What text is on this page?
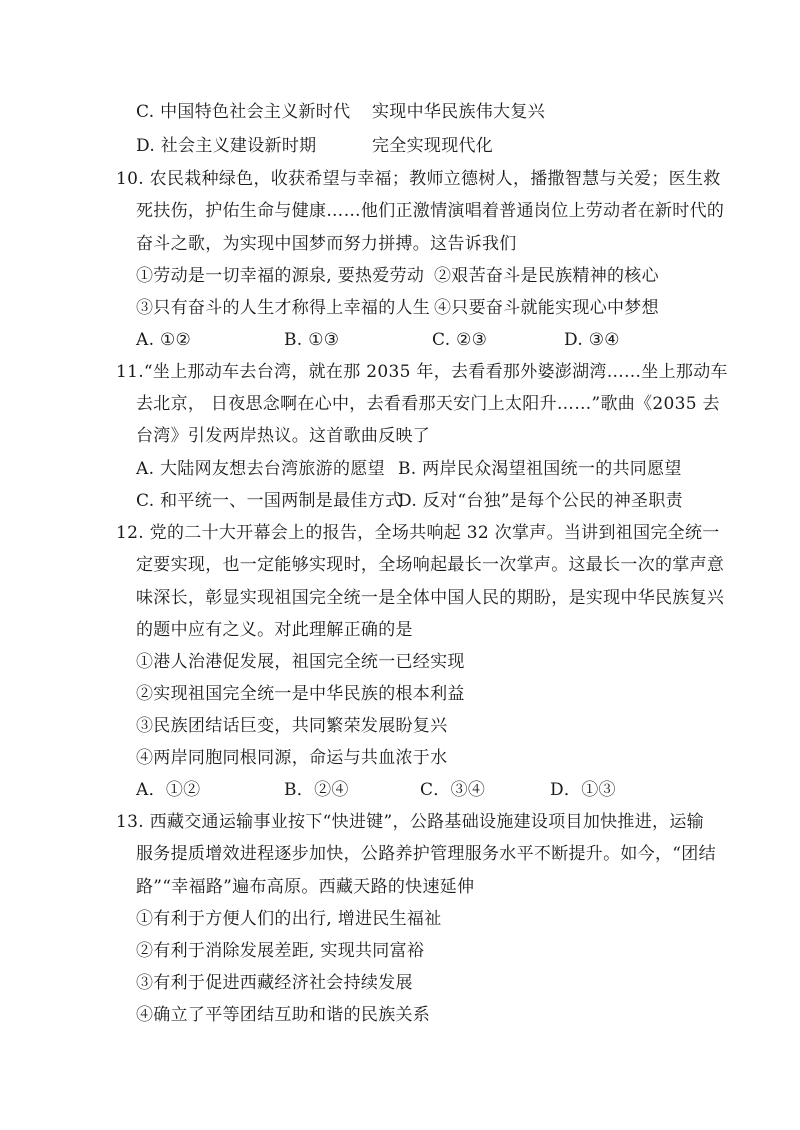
C. 中国特色社会主义新时代 实现中华民族伟大复兴
D. 社会主义建设新时期	完全实现现代化
10. 农民栽种绿色，收获希望与幸福；教师立德树人，播撒智慧与关爱；医生救
死扶伤，护佑生命与健康……他们正激情演唱着普通岗位上劳动者在新时代的
奋斗之歌，为实现中国梦而努力拼搏。这告诉我们
①劳动是一切幸福的源泉, 要热爱劳动 ②艰苦奋斗是民族精神的核心
③只有奋斗的人生才称得上幸福的人生 ④只要奋斗就能实现心中梦想
A. ①②	B. ①③	C. ②③	D. ③④
11.“坐上那动车去台湾，就在那 2035 年，去看看那外婆澎湖湾……坐上那动车
去北京， 日夜思念啊在心中，去看看那天安门上太阳升……”歌曲《2035 去
台湾》引发两岸热议。这首歌曲反映了
A. 大陆网友想去台湾旅游的愿望 B. 两岸民众渴望祖国统一的共同愿望
C. 和平统一、一国两制是最佳方式
D. 反对“台独”是每个公民的神圣职责
12. 党的二十大开幕会上的报告，全场共响起 32 次掌声。当讲到祖国完全统一
定要实现，也一定能够实现时，全场响起最长一次掌声。这最长一次的掌声意
味深长，彰显实现祖国完全统一是全体中国人民的期盼，是实现中华民族复兴
的题中应有之义。对此理解正确的是
①港人治港促发展，祖国完全统一已经实现
②实现祖国完全统一是中华民族的根本利益
③民族团结话巨变，共同繁荣发展盼复兴
④两岸同胞同根同源，命运与共血浓于水
A．①②	B．②④	C．③④	D．①③
13. 西藏交通运输事业按下“快进键”，公路基础设施建设项目加快推进，运输
服务提质增效进程逐步加快，公路养护管理服务水平不断提升。如今，“团结
路”“幸福路”遍布高原。西藏天路的快速延伸
①有利于方便人们的出行, 增进民生福祉
②有利于消除发展差距, 实现共同富裕
③有利于促进西藏经济社会持续发展
④确立了平等团结互助和谐的民族关系
